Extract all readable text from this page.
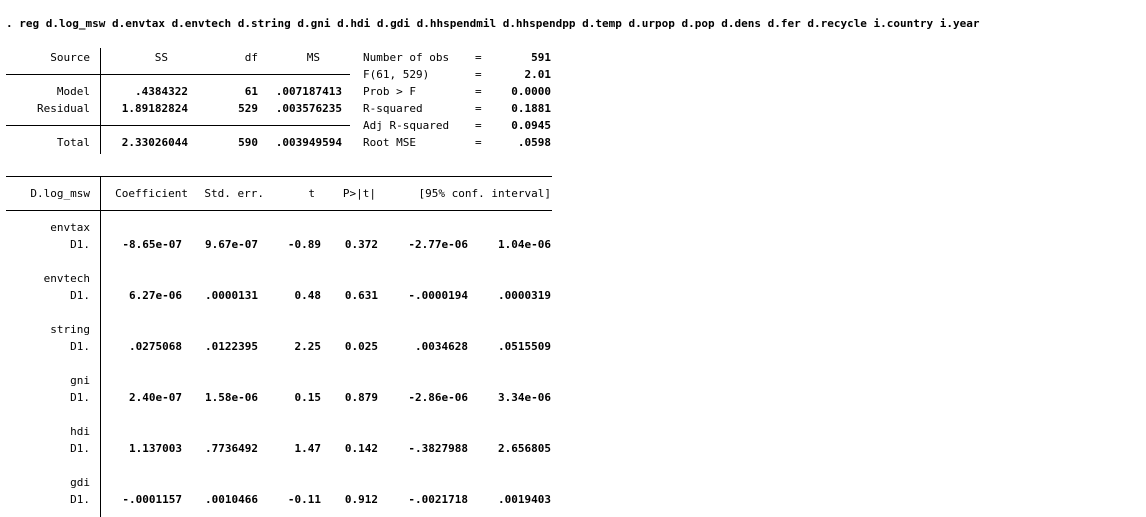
. reg d.log_msw d.envtax d.envtech d.string d.gni d.hdi d.gdi d.hhspendmil d.hhspendpp d.temp d.urpop d.pop d.dens d.fer d.recycle i.country i.year
Source	SS	df	MS
Model	.4384322	61	.007187413
Residual	1.89182824	529	.003576235
Total	2.33026044	590	.003949594
Number of obs =	591
F(61, 529)	=	2.01
Prob > F	=	0.0000
R-squared	=	0.1881
Adj R-squared =	0.0945
Root MSE	=	.0598
D.log_msw	Coefficient	Std. err.	t	P>|t|	[95% conf. interval]
envtax
D1.	-8.65e-07	9.67e-07	-0.89	0.372	-2.77e-06	1.04e-06
envtech
D1.	6.27e-06	.0000131	0.48	0.631	-.0000194	.0000319
string
D1.	.0275068	.0122395	2.25	0.025	.0034628	.0515509
gni
D1.	2.40e-07	1.58e-06	0.15	0.879	-2.86e-06	3.34e-06
hdi
D1.	1.137003	.7736492	1.47	0.142	-.3827988	2.656805
gdi
D1.	-.0001157	.0010466	-0.11	0.912	-.0021718	.0019403
